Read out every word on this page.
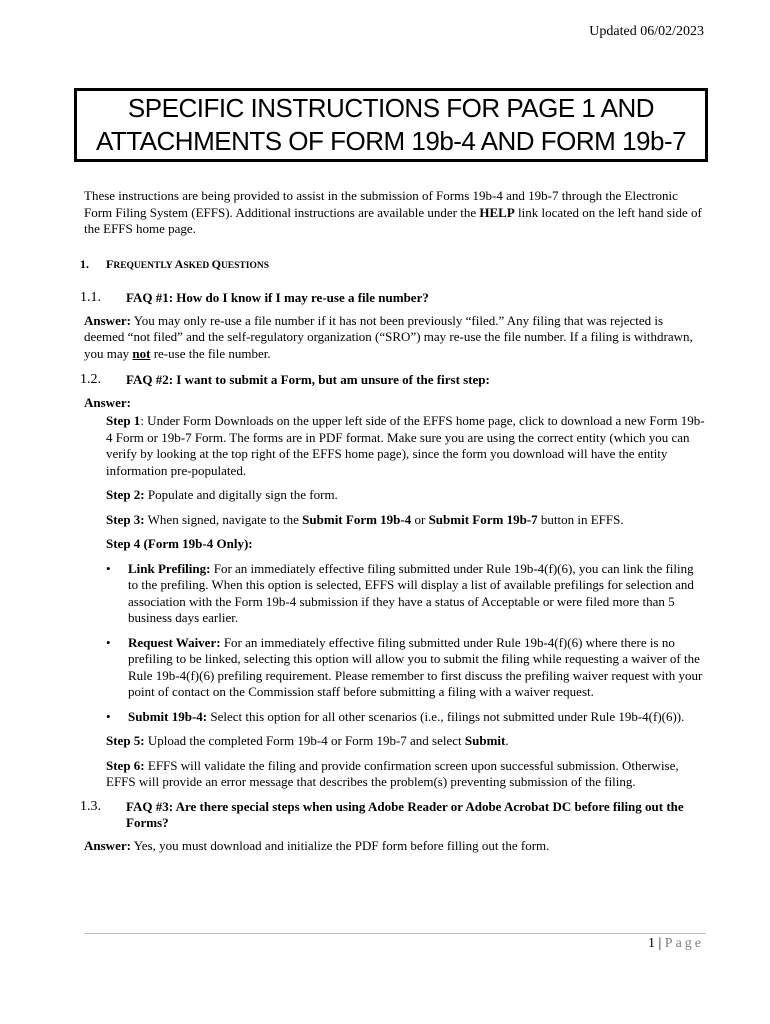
Updated 06/02/2023
SPECIFIC INSTRUCTIONS FOR PAGE 1 AND
ATTACHMENTS OF FORM 19b-4 AND FORM 19b-7

These instructions are being provided to assist in the submission of Forms 19b-4 and 19b-7 through the Electronic Form Filing System (EFFS). Additional instructions are available under the HELP link located on the left hand side of the EFFS home page.

1. FREQUENTLY ASKED QUESTIONS
1.1. FAQ #1: How do I know if I may re-use a file number?

Answer: You may only re-use a file number if it has not been previously “filed.” Any filing that was rejected is deemed “not filed” and the self-regulatory organization (“SRO”) may re-use the file number. If a filing is withdrawn, you may not re-use the file number.

1.2. FAQ #2: I want to submit a Form, but am unsure of the first step:

Answer:

Step 1: Under Form Downloads on the upper left side of the EFFS home page, click to download a new Form 19b-4 Form or 19b-7 Form. The forms are in PDF format. Make sure you are using the correct entity (which you can verify by looking at the top right of the EFFS home page), since the form you download will have the entity information pre-populated.

Step 2: Populate and digitally sign the form.

Step 3: When signed, navigate to the Submit Form 19b-4 or Submit Form 19b-7 button in EFFS.

Step 4 (Form 19b-4 Only):

• Link Prefiling: For an immediately effective filing submitted under Rule 19b-4(f)(6), you can link the filing to the prefiling. When this option is selected, EFFS will display a list of available prefilings for selection and association with the Form 19b-4 submission if they have a status of Acceptable or were filed more than 5 business days earlier.
• Request Waiver: For an immediately effective filing submitted under Rule 19b-4(f)(6) where there is no prefiling to be linked, selecting this option will allow you to submit the filing while requesting a waiver of the Rule 19b-4(f)(6) prefiling requirement. Please remember to first discuss the prefiling waiver request with your point of contact on the Commission staff before submitting a filing with a waiver request.
• Submit 19b-4: Select this option for all other scenarios (i.e., filings not submitted under Rule 19b-4(f)(6)).

Step 5: Upload the completed Form 19b-4 or Form 19b-7 and select Submit.

Step 6: EFFS will validate the filing and provide confirmation screen upon successful submission. Otherwise, EFFS will provide an error message that describes the problem(s) preventing submission of the filing.

1.3. FAQ #3: Are there special steps when using Adobe Reader or Adobe Acrobat DC before filing out the Forms?

Answer: Yes, you must download and initialize the PDF form before filling out the form.

1 | Page
